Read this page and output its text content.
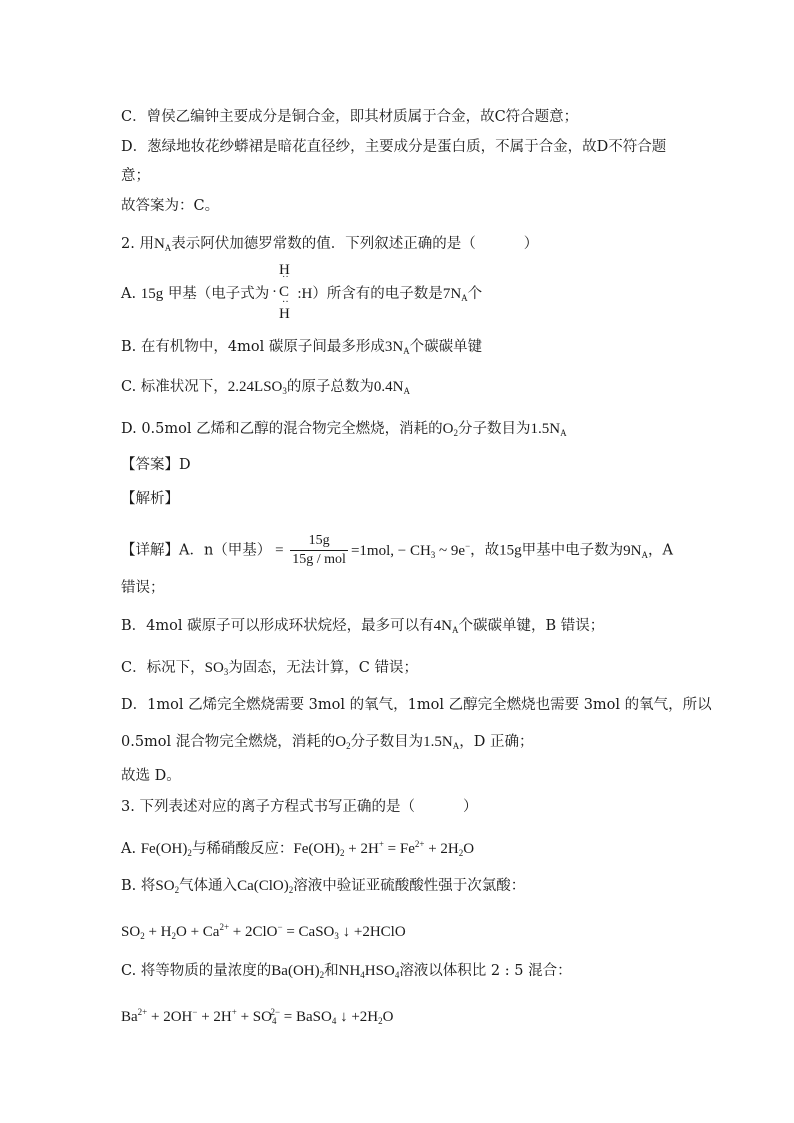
C．曾侯乙编钟主要成分是铜合金，即其材质属于合金，故C符合题意；
D．葱绿地妆花纱蟒裙是暗花直径纱，主要成分是蛋白质，不属于合金，故D不符合题
意；
故答案为：C。
2. 用$N_A$表示阿伏加德罗常数的值．下列叙述正确的是（	）
H
˙˙
· C
··
H
A. 15g 甲基（电子式为 :H）所含有的电子数是$7N_A$个
B. 在有机物中，4mol 碳原子间最多形成$3N_A$个碳碳单键
C. 标准状况下，$2.24LSO_3$的原子总数为$0.4N_A$
D. 0.5mol 乙烯和乙醇的混合物完全燃烧，消耗的$O_2$分子数目为$1.5N_A$
【答案】D
【解析】
【详解】A．n（甲基） = $\frac{15g}{\text{15g / mol}} =1mol$, − $CH_3$ ~ 9e−，故15g甲基中电子数为$9N_A$，A
错误；
B．4mol 碳原子可以形成环状烷烃，最多可以有$4N_A$个碳碳单键，B 错误；
C．标况下，$SO_3$为固态，无法计算，C 错误；
D．1mol 乙烯完全燃烧需要 3mol 的氧气，1mol 乙醇完全燃烧也需要 3mol 的氧气，所以
0.5mol 混合物完全燃烧，消耗的$O_2$分子数目为$1.5N_A$，D 正确；
故选 D。
3. 下列表述对应的离子方程式书写正确的是（	）
A. $Fe(OH)_2$与稀硝酸反应：$Fe(OH)_2 + 2H^+ = Fe^{2+} + 2H_2O$
B. 将$SO_2$气体通入$Ca(ClO)_2$溶液中验证亚硫酸酸性强于次氯酸：
$SO_2 + H_2O + Ca^{2+} + 2ClO^-$ = CaSO$_3$ ↓ +2HClO
C. 将等物质的量浓度的$Ba(OH)_2$和$NH_4HSO_4$溶液以体积比 2 : 5 混合：
$Ba^{2+} + 2OH^- + 2H^+ + SO_4^{2-}$ = BaSO$_4$ ↓ $+2H_2O$
